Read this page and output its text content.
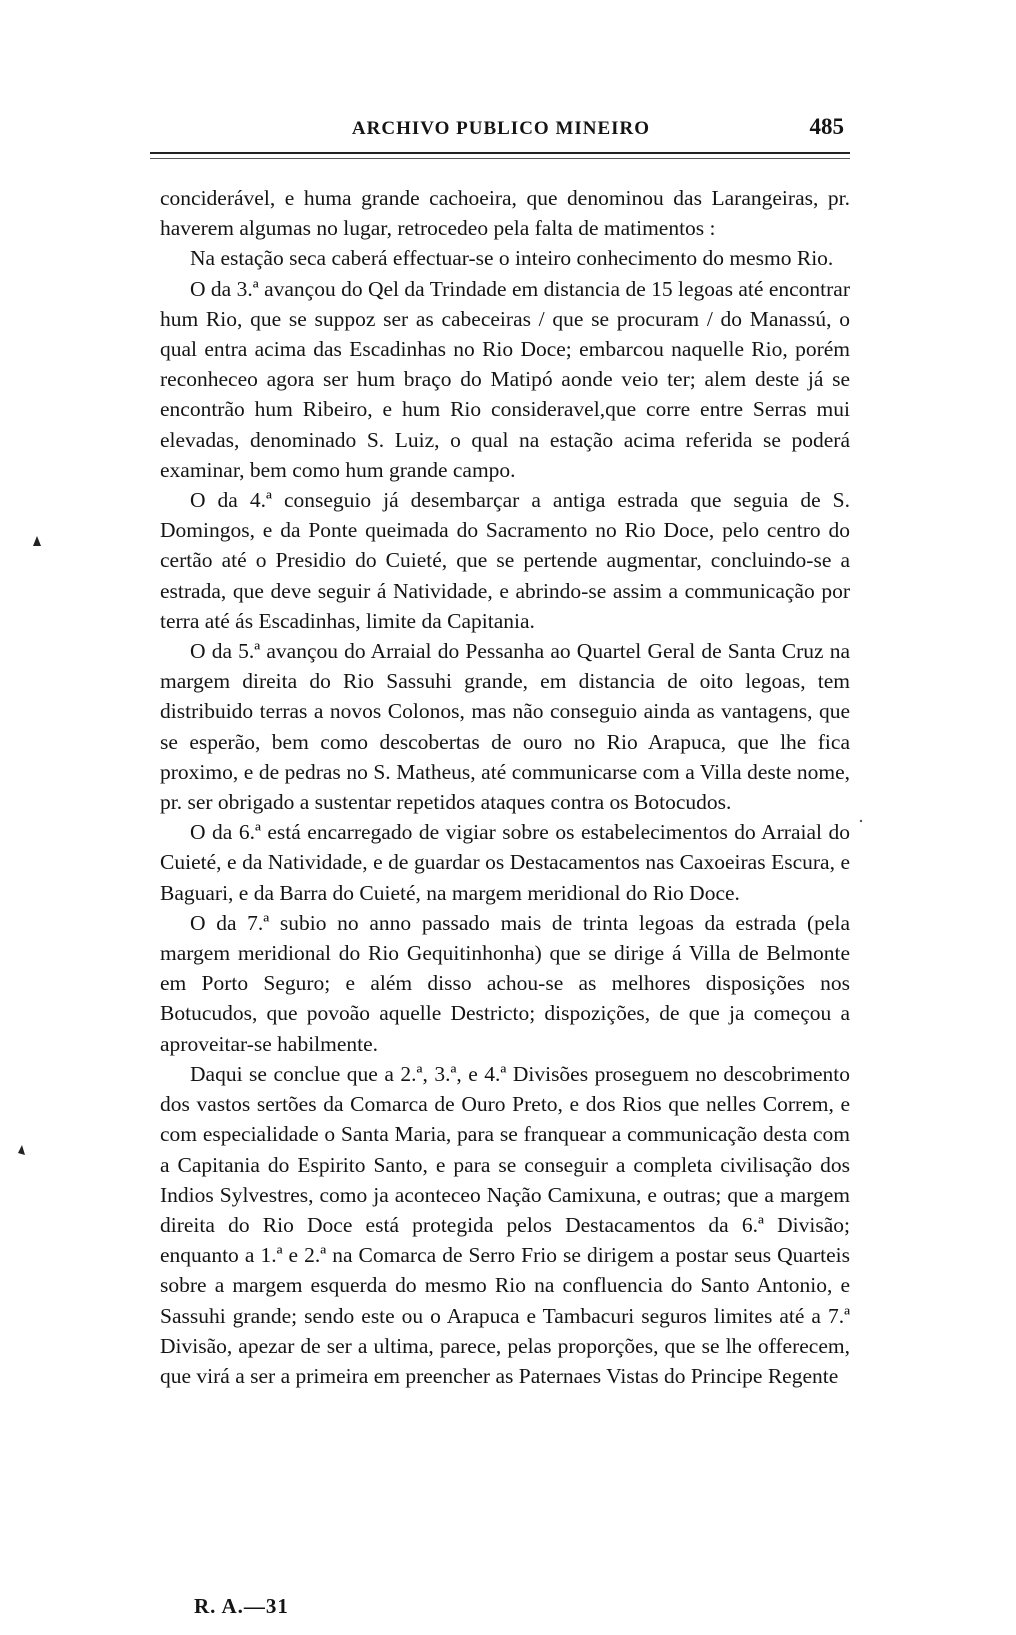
ARCHIVO PUBLICO MINEIRO	485

conciderável, e huma grande cachoeira, que denominou das Larangeiras, pr. haverem algumas no lugar, retrocedeo pela falta de matimentos :

Na estação seca caberá effectuar-se o inteiro conhecimento do mesmo Rio.

O da 3.ª avançou do Qel da Trindade em distancia de 15 legoas até encontrar hum Rio, que se suppoz ser as cabeceiras / que se procuram / do Manassú, o qual entra acima das Escadinhas no Rio Doce; embarcou naquelle Rio, porém reconheceo agora ser hum braço do Matipó aonde veio ter; alem deste já se encontrão hum Ribeiro, e hum Rio consideravel,que corre entre Serras mui elevadas, denominado S. Luiz, o qual na estação acima referida se poderá examinar, bem como hum grande campo.

O da 4.ª conseguio já desembarçar a antiga estrada que seguia de S. Domingos, e da Ponte queimada do Sacramento no Rio Doce, pelo centro do certão até o Presidio do Cuieté, que se pertende augmentar, concluindo-se a estrada, que deve seguir á Natividade, e abrindo-se assim a communicação por terra até ás Escadinhas, limite da Capitania.

O da 5.ª avançou do Arraial do Pessanha ao Quartel Geral de Santa Cruz na margem direita do Rio Sassuhi grande, em distancia de oito legoas, tem distribuido terras a novos Colonos, mas não conseguio ainda as vantagens, que se esperão, bem como descobertas de ouro no Rio Arapuca, que lhe fica proximo, e de pedras no S. Matheus, até communicarse com a Villa deste nome, pr. ser obrigado a sustentar repetidos ataques contra os Botocudos.

O da 6.ª está encarregado de vigiar sobre os estabelecimentos do Arraial do Cuieté, e da Natividade, e de guardar os Destacamentos nas Caxoeiras Escura, e Baguari, e da Barra do Cuieté, na margem meridional do Rio Doce.

O da 7.ª subio no anno passado mais de trinta legoas da estrada (pela margem meridional do Rio Gequitinhonha) que se dirige á Villa de Belmonte em Porto Seguro; e além disso achou-se as melhores disposições nos Botucudos, que povoão aquelle Destricto; dispozições, de que ja começou a aproveitar-se habilmente.

Daqui se conclue que a 2.ª, 3.ª, e 4.ª Divisões proseguem no descobrimento dos vastos sertões da Comarca de Ouro Preto, e dos Rios que nelles Correm, e com especialidade o Santa Maria, para se franquear a communicação desta com a Capitania do Espirito Santo, e para se conseguir a completa civilisação dos Indios Sylvestres, como ja aconteceo Nação Camixuna, e outras; que a margem direita do Rio Doce está protegida pelos Destacamentos da 6.ª Divisão; enquanto a 1.ª e 2.ª na Comarca de Serro Frio se dirigem a postar seus Quarteis sobre a margem esquerda do mesmo Rio na confluencia do Santo Antonio, e Sassuhi grande; sendo este ou o Arapuca e Tambacuri seguros limites até a 7.ª Divisão, apezar de ser a ultima, parece, pelas proporções, que se lhe offerecem, que virá a ser a primeira em preencher as Paternaes Vistas do Principe Regente

R. A.—31
